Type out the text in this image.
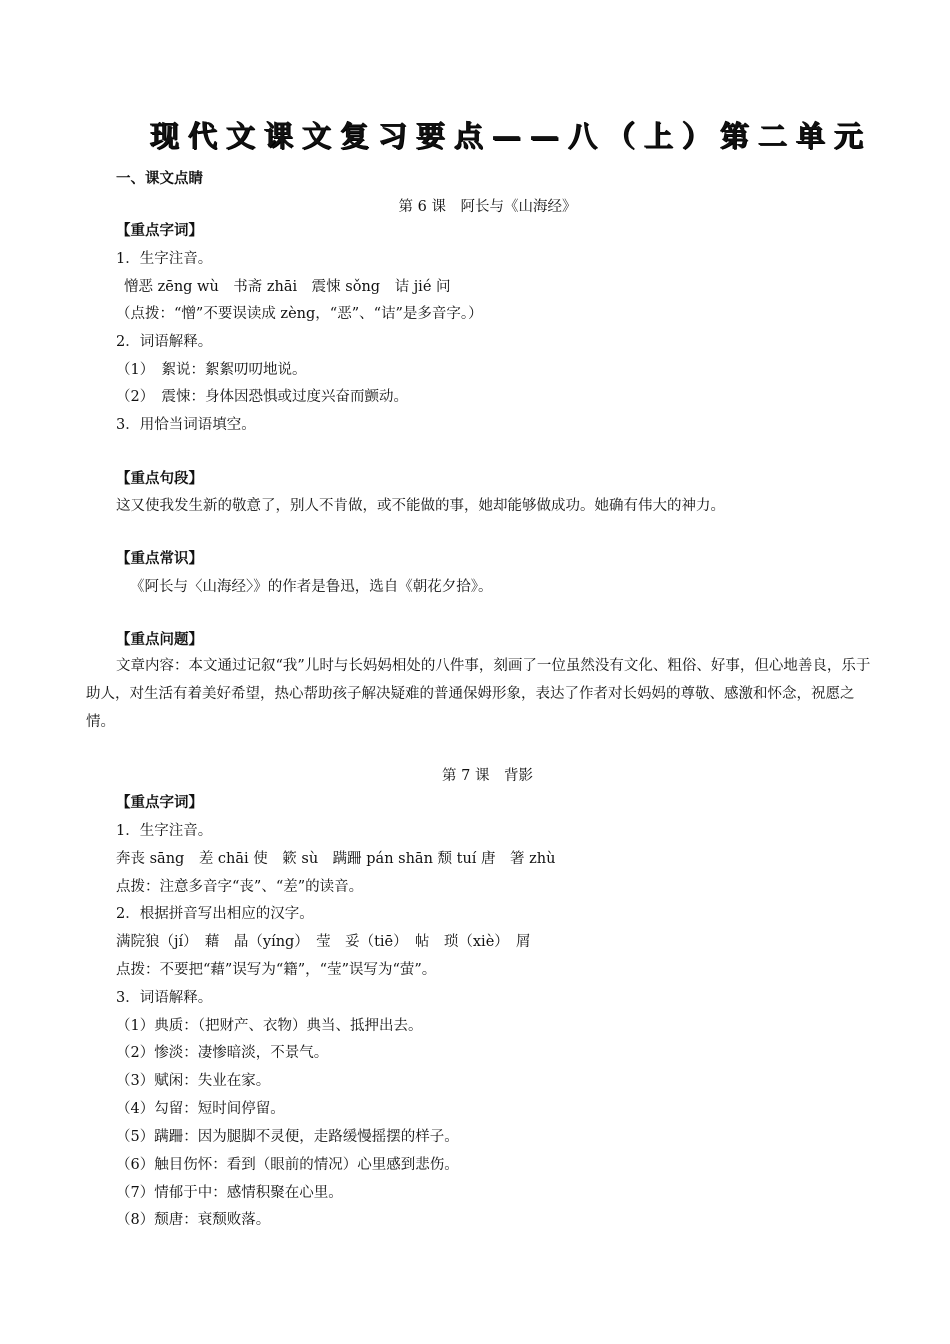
现代文课文复习要点——八（上）第二单元
一、课文点睛
第 6 课　阿长与《山海经》
【重点字词】
1．生字注音。
憎恶 zēng wù　书斋 zhāi　震悚 sǒng　诘 jié 问
（点拨：“憎”不要误读成 zèng，“恶”、“诘”是多音字。）
2．词语解释。
（1）　絮说：絮絮叨叨地说。
（2）　震悚：身体因恐惧或过度兴奋而颤动。
3．用恰当词语填空。
【重点句段】
这又使我发生新的敬意了，别人不肯做，或不能做的事，她却能够做成功。她确有伟大的神力。
【重点常识】
《阿长与〈山海经〉》的作者是鲁迅，选自《朝花夕拾》。
【重点问题】
文章内容：本文通过记叙“我”儿时与长妈妈相处的八件事，刻画了一位虽然没有文化、粗俗、好事，但心地善良，乐于助人，对生活有着美好希望，热心帮助孩子解决疑难的普通保姆形象，表达了作者对长妈妈的尊敬、感激和怀念，祝愿之情。
第 7 课　背影
【重点字词】
1．生字注音。
奔丧 sāng　差 chāi 使　簌 sù　蹒跚 pán shān 颓 tuí 唐　箸 zhù
点拨：注意多音字“丧”、“差”的读音。
2．根据拼音写出相应的汉字。
满院狼（jí）　藉　晶（yíng）　莹　妥（tiē）　帖　琐（xiè）　屑
点拨：不要把“藉”误写为“籍”，“莹”误写为“萤”。
3．词语解释。
（1）典质：（把财产、衣物）典当、抵押出去。
（2）惨淡：凄惨暗淡，不景气。
（3）赋闲：失业在家。
（4）勾留：短时间停留。
（5）蹒跚：因为腿脚不灵便，走路缓慢摇摆的样子。
（6）触目伤怀：看到（眼前的情况）心里感到悲伤。
（7）情郁于中：感情积聚在心里。
（8）颓唐：衰颓败落。
